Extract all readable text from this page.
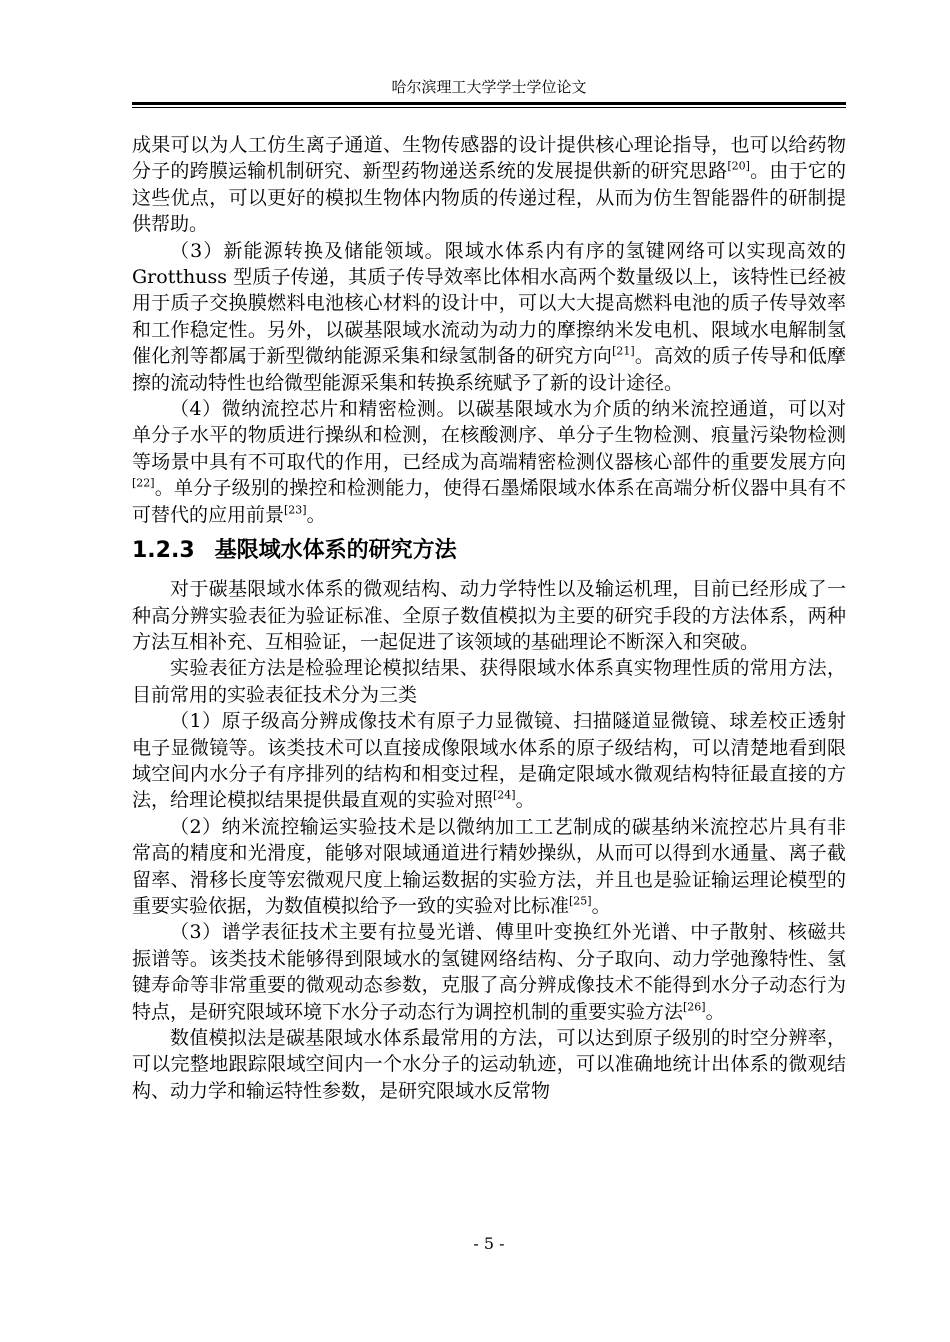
哈尔滨理工大学学士学位论文

成果可以为人工仿生离子通道、生物传感器的设计提供核心理论指导，也可以给药物分子的跨膜运输机制研究、新型药物递送系统的发展提供新的研究思路[20]。由于它的这些优点，可以更好的模拟生物体内物质的传递过程，从而为仿生智能器件的研制提供帮助。

（3）新能源转换及储能领域。限域水体系内有序的氢键网络可以实现高效的 Grotthuss 型质子传递，其质子传导效率比体相水高两个数量级以上，该特性已经被用于质子交换膜燃料电池核心材料的设计中，可以大大提高燃料电池的质子传导效率和工作稳定性。另外，以碳基限域水流动为动力的摩擦纳米发电机、限域水电解制氢催化剂等都属于新型微纳能源采集和绿氢制备的研究方向[21]。高效的质子传导和低摩擦的流动特性也给微型能源采集和转换系统赋予了新的设计途径。

（4）微纳流控芯片和精密检测。以碳基限域水为介质的纳米流控通道，可以对单分子水平的物质进行操纵和检测，在核酸测序、单分子生物检测、痕量污染物检测等场景中具有不可取代的作用，已经成为高端精密检测仪器核心部件的重要发展方向[22]。单分子级别的操控和检测能力，使得石墨烯限域水体系在高端分析仪器中具有不可替代的应用前景[23]。

1.2.3 基限域水体系的研究方法

对于碳基限域水体系的微观结构、动力学特性以及输运机理，目前已经形成了一种高分辨实验表征为验证标准、全原子数值模拟为主要的研究手段的方法体系，两种方法互相补充、互相验证，一起促进了该领域的基础理论不断深入和突破。

实验表征方法是检验理论模拟结果、获得限域水体系真实物理性质的常用方法，目前常用的实验表征技术分为三类

（1）原子级高分辨成像技术有原子力显微镜、扫描隧道显微镜、球差校正透射电子显微镜等。该类技术可以直接成像限域水体系的原子级结构，可以清楚地看到限域空间内水分子有序排列的结构和相变过程，是确定限域水微观结构特征最直接的方法，给理论模拟结果提供最直观的实验对照[24]。

（2）纳米流控输运实验技术是以微纳加工工艺制成的碳基纳米流控芯片具有非常高的精度和光滑度，能够对限域通道进行精妙操纵，从而可以得到水通量、离子截留率、滑移长度等宏微观尺度上输运数据的实验方法，并且也是验证输运理论模型的重要实验依据，为数值模拟给予一致的实验对比标准[25]。

（3）谱学表征技术主要有拉曼光谱、傅里叶变换红外光谱、中子散射、核磁共振谱等。该类技术能够得到限域水的氢键网络结构、分子取向、动力学弛豫特性、氢键寿命等非常重要的微观动态参数，克服了高分辨成像技术不能得到水分子动态行为特点，是研究限域环境下水分子动态行为调控机制的重要实验方法[26]。

数值模拟法是碳基限域水体系最常用的方法，可以达到原子级别的时空分辨率，可以完整地跟踪限域空间内一个水分子的运动轨迹，可以准确地统计出体系的微观结构、动力学和输运特性参数，是研究限域水反常物

- 5 -
